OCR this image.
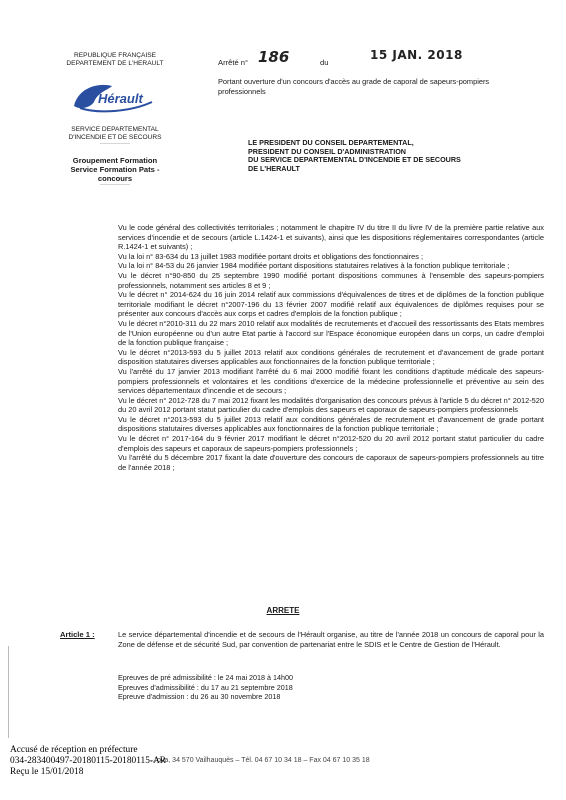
REPUBLIQUE FRANÇAISE
DEPARTEMENT DE L'HERAULT
Hérault
SERVICE DEPARTEMENTAL
D'INCENDIE ET DE SECOURS
···············
Groupement Formation
Service Formation Pats -
concours
···············
Arrêté n° 186	du
15 JAN. 2018
Portant ouverture d'un concours d'accès au grade de caporal de sapeurs-pompiers professionnels
LE PRESIDENT DU CONSEIL DEPARTEMENTAL,
PRESIDENT DU CONSEIL D'ADMINISTRATION
DU SERVICE DEPARTEMENTAL D'INCENDIE ET DE SECOURS
DE L'HERAULT

Vu le code général des collectivités territoriales ; notamment le chapitre IV du titre II du livre IV de la première partie relative aux services d'incendie et de secours (article L.1424-1 et suivants), ainsi que les dispositions réglementaires correspondantes (article R.1424-1 et suivants) ;

Vu la loi n° 83-634 du 13 juillet 1983 modifiée portant droits et obligations des fonctionnaires ;

Vu la loi n° 84-53 du 26 janvier 1984 modifiée portant dispositions statutaires relatives à la fonction publique territoriale ;

Vu le décret n°90-850 du 25 septembre 1990 modifié portant dispositions communes à l'ensemble des sapeurs-pompiers professionnels, notamment ses articles 8 et 9 ;

Vu le décret n° 2014-624 du 16 juin 2014 relatif aux commissions d'équivalences de titres et de diplômes de la fonction publique territoriale modifiant le décret n°2007-196 du 13 février 2007 modifié relatif aux équivalences de diplômes requises pour se présenter aux concours d'accès aux corps et cadres d'emplois de la fonction publique ;

Vu le décret n°2010-311 du 22 mars 2010 relatif aux modalités de recrutements et d'accueil des ressortissants des Etats membres de l'Union européenne ou d'un autre Etat partie à l'accord sur l'Espace économique européen dans un corps, un cadre d'emploi de la fonction publique française ;

Vu le décret n°2013-593 du 5 juillet 2013 relatif aux conditions générales de recrutement et d'avancement de grade portant disposition statutaires diverses applicables aux fonctionnaires de la fonction publique territoriale ;

Vu l'arrêté du 17 janvier 2013 modifiant l'arrêté du 6 mai 2000 modifié fixant les conditions d'aptitude médicale des sapeurs-pompiers professionnels et volontaires et les conditions d'exercice de la médecine professionnelle et préventive au sein des services départementaux d'incendie et de secours ;

Vu le décret n° 2012-728 du 7 mai 2012 fixant les modalités d'organisation des concours prévus à l'article 5 du décret n° 2012-520 du 20 avril 2012 portant statut particulier du cadre d'emplois des sapeurs et caporaux de sapeurs-pompiers professionnels

Vu le décret n°2013-593 du 5 juillet 2013 relatif aux conditions générales de recrutement et d'avancement de grade portant dispositions statutaires diverses applicables aux fonctionnaires de la fonction publique territoriale ;

Vu le décret n° 2017-164 du 9 février 2017 modifiant le décret n°2012-520 du 20 avril 2012 portant statut particulier du cadre d'emplois des sapeurs et caporaux de sapeurs-pompiers professionnels ;

Vu l'arrêté du 5 décembre 2017 fixant la date d'ouverture des concours de caporaux de sapeurs-pompiers professionnels au titre de l'année 2018 ;

ARRETE
Article 1 :	Le service départemental d'incendie et de secours de l'Hérault organise, au titre de l'année 2018 un concours de caporal pour la Zone de défense et de sécurité Sud, par convention de partenariat entre le SDIS et le Centre de Gestion de l'Hérault.
Epreuves de pré admissibilité : le 24 mai 2018 à 14h00
Epreuves d'admissibilité : du 17 au 21 septembre 2018
Epreuve d'admission : du 26 au 30 novembre 2018
…ova, 34 570 Vailhauquès – Tél. 04 67 10 34 18 – Fax 04 67 10 35 18
Accusé de réception en préfecture
034-283400497-20180115-20180115-AR
Reçu le 15/01/2018
